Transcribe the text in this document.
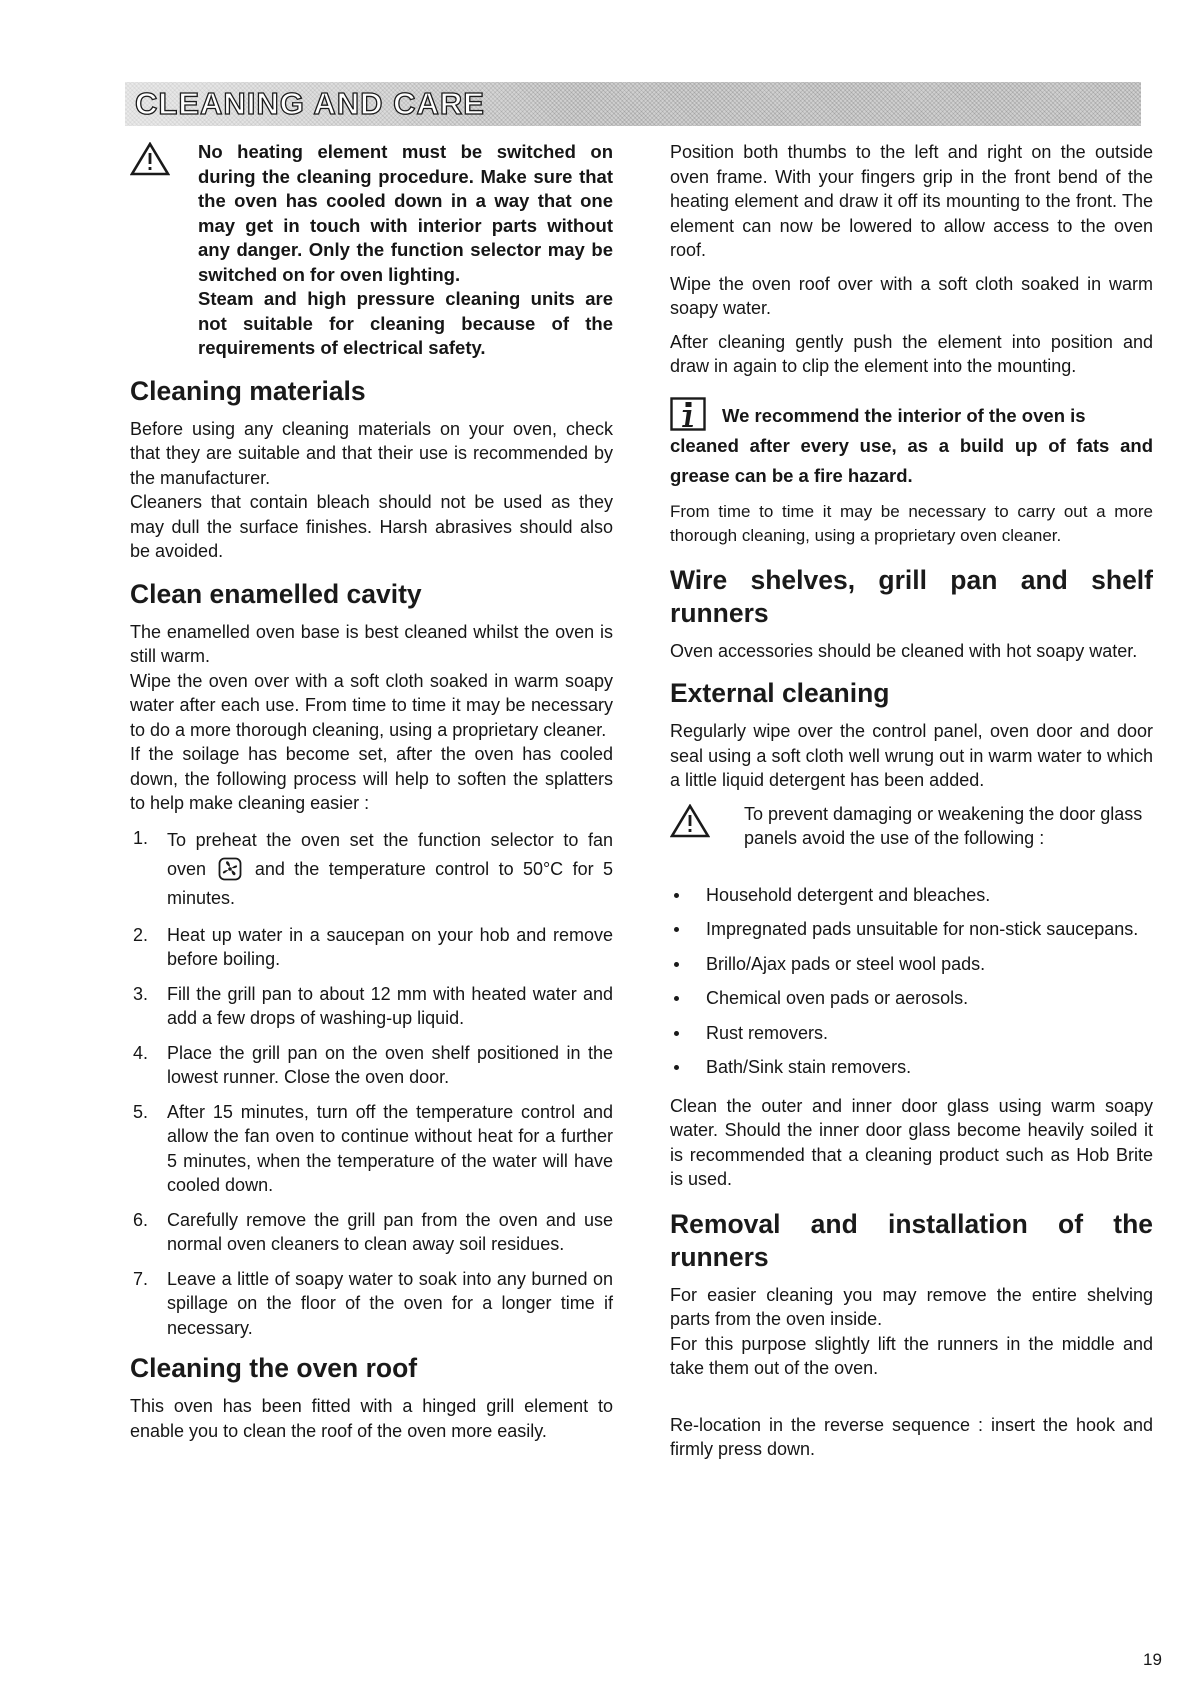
CLEANING AND CARE

No heating element must be switched on during the cleaning procedure. Make sure that the oven has cooled down in a way that one may get in touch with interior parts without any danger. Only the function selector may be switched on for oven lighting.

Steam and high pressure cleaning units are not suitable for cleaning because of the requirements of electrical safety.

Cleaning materials

Before using any cleaning materials on your oven, check that they are suitable and that their use is recommended by the manufacturer.

Cleaners that contain bleach should not be used as they may dull the surface finishes. Harsh abrasives should also be avoided.

Clean enamelled cavity

The enamelled oven base is best cleaned whilst the oven is still warm.

Wipe the oven over with a soft cloth soaked in warm soapy water after each use. From time to time it may be necessary to do a more thorough cleaning, using a proprietary cleaner.

If the soilage has become set, after the oven has cooled down, the following process will help to soften the splatters to help make cleaning easier :

1. To preheat the oven set the function selector to fan oven	and the temperature control to 50°C for 5 minutes.

2. Heat up water in a saucepan on your hob and remove before boiling.

3. Fill the grill pan to about 12 mm with heated water and add a few drops of washing-up liquid.

4. Place the grill pan on the oven shelf positioned in the lowest runner. Close the oven door.

5. After 15 minutes, turn off the temperature control and allow the fan oven to continue without heat for a further 5 minutes, when the temperature of the water will have cooled down.

6. Carefully remove the grill pan from the oven and use normal oven cleaners to clean away soil residues.

7. Leave a little of soapy water to soak into any burned on spillage on the floor of the oven for a longer time if necessary.

Cleaning the oven roof

This oven has been fitted with a hinged grill element to enable you to clean the roof of the oven more easily.

Position both thumbs to the left and right on the outside oven frame. With your fingers grip in the front bend of the heating element and draw it off its mounting to the front. The element can now be lowered to allow access to the oven roof.

Wipe the oven roof over with a soft cloth soaked in warm soapy water.

After cleaning gently push the element into position and draw in again to clip the element into the mounting.

We recommend the interior of the oven is

cleaned after every use, as a build up of fats and grease can be a fire hazard.

From time to time it may be necessary to carry out a more thorough cleaning, using a proprietary oven cleaner.

Wire shelves, grill pan and shelf runners

Oven accessories should be cleaned with hot soapy water.

External cleaning

Regularly wipe over the control panel, oven door and door seal using a soft cloth well wrung out in warm water to which a little liquid detergent has been added.

To prevent damaging or weakening the door glass panels avoid the use of the following :

Household detergent and bleaches.

Impregnated pads unsuitable for non-stick saucepans.

Brillo/Ajax pads or steel wool pads.

Chemical oven pads or aerosols.

Rust removers.

Bath/Sink stain removers.

Clean the outer and inner door glass using warm soapy water. Should the inner door glass become heavily soiled it is recommended that a cleaning product such as Hob Brite is used.

Removal and installation of the runners

For easier cleaning you may remove the entire shelving parts from the oven inside.

For this purpose slightly lift the runners in the middle and take them out of the oven.

Re-location in the reverse sequence : insert the hook and firmly press down.

19
